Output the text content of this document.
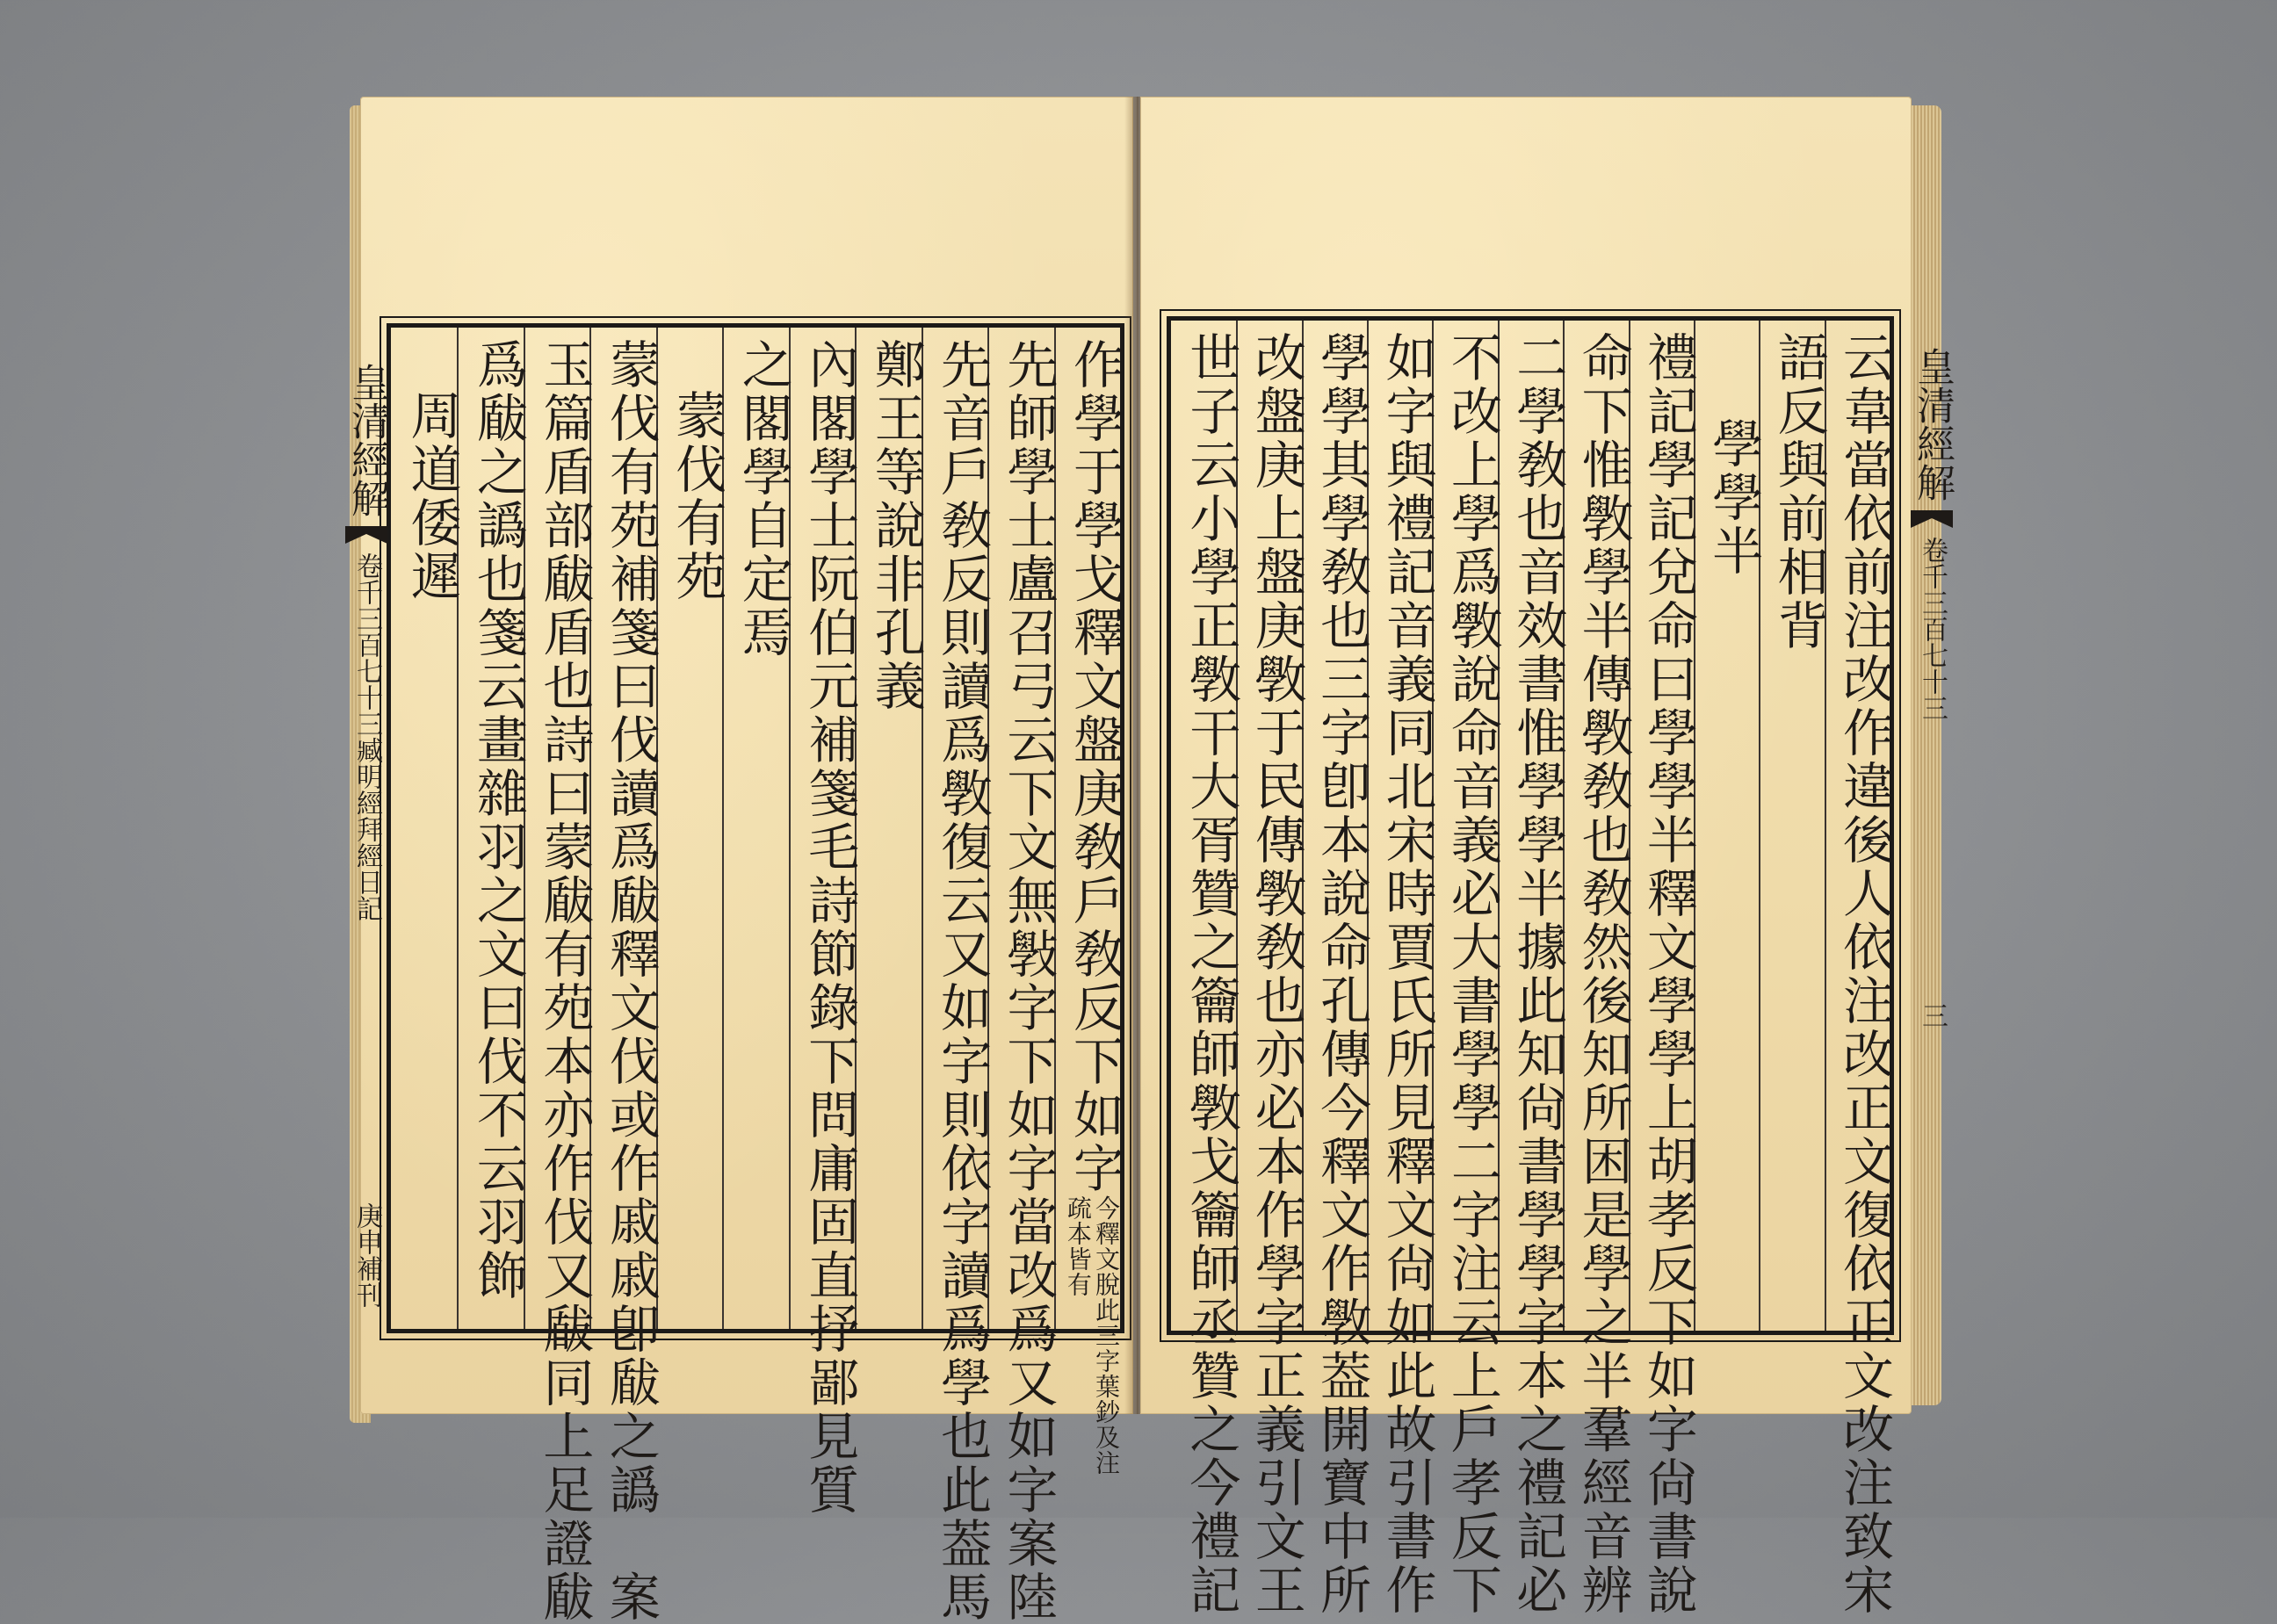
皇清經解卷千三百七十三臧明經拜經日記庚申補刊
作學于學戈釋文盤庚敎戶敎反下如字今釋文脫此三字葉鈔及注疏本皆有
先師學士盧召弓云下文無斅字下如字當改爲又如字案陸
先音戶敎反則讀爲斆復云又如字則依字讀爲學也此葢馬
鄭王等說非孔義
內閣學士阮伯元補箋毛詩節錄下問庸固直抒鄙見質
之閣學自定焉
蒙伐有苑
蒙伐有苑補箋曰伐讀爲瞂釋文伐或作戚戚卽瞂之譌　案
玉篇盾部瞂盾也詩曰蒙瞂有苑本亦作伐又瞂同上足證瞂
爲瞂之譌也箋云畫雜羽之文曰伐不云羽飾
周道倭遲	皇清經解卷千三百七十三三
云韋當依前注改作違後人依注改正文復依正文改注致宋
語反與前相背
學學半
禮記學記兌命曰學學半釋文學學上胡孝反下如字尙書說
命下惟斆學半傳斆敎也敎然後知所困是學之半羣經音辨
二學敎也音效書惟學學半據此知尙書學學字本之禮記必
不改上學爲斆說命音義必大書學學二字注云上戶孝反下
如字與禮記音義同北宋時賈氏所見釋文尙如此故引書作
學學其學敎也三字卽本說命孔傳今釋文作斆葢開寶中所
改盤庚上盤庚斆于民傳斆敎也亦必本作學字正義引文王
世子云小學正斆干大胥贊之籥師斆戈籥師丞贊之今禮記
